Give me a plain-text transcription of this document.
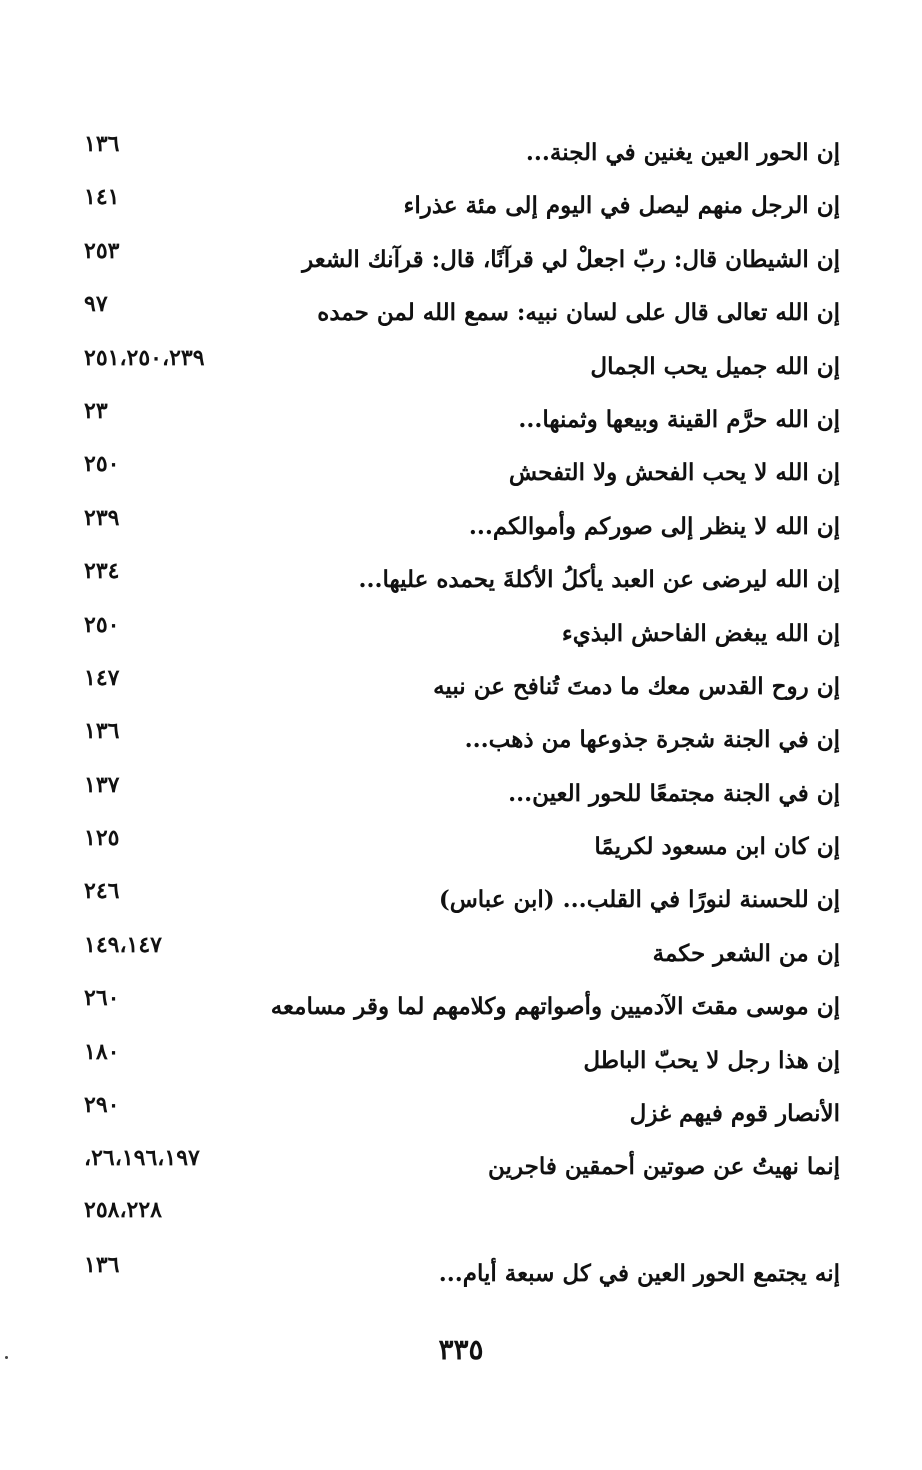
إن الحور العين يغنين في الجنة...
١٣٦
إن الرجل منهم ليصل في اليوم إلى مئة عذراء
١٤١
إن الشيطان قال: ربّ اجعلْ لي قرآنًا، قال: قرآنك الشعر
٢٥٣
إن الله تعالى قال على لسان نبيه: سمع الله لمن حمده
٩٧
إن الله جميل يحب الجمال
٢٥١،٢٥٠،٢٣٩
إن الله حرَّم القينة وبيعها وثمنها...
٢٣
إن الله لا يحب الفحش ولا التفحش
٢٥٠
إن الله لا ينظر إلى صوركم وأموالكم...
٢٣٩
إن الله ليرضى عن العبد يأكلُ الأكلةَ يحمده عليها...
٢٣٤
إن الله يبغض الفاحش البذيء
٢٥٠
إن روح القدس معك ما دمتَ تُنافح عن نبيه
١٤٧
إن في الجنة شجرة جذوعها من ذهب...
١٣٦
إن في الجنة مجتمعًا للحور العين...
١٣٧
إن كان ابن مسعود لكريمًا
١٢٥
إن للحسنة لنورًا في القلب... (ابن عباس)
٢٤٦
إن من الشعر حكمة
١٤٩،١٤٧
إن موسى مقتَ الآدميين وأصواتهم وكلامهم لما وقر مسامعه
٢٦٠
إن هذا رجل لا يحبّ الباطل
١٨٠
الأنصار قوم فيهم غزل
٢٩٠
إنما نهيتُ عن صوتين أحمقين فاجرين
٢٦،١٩٦،١٩٧،
٢٥٨،٢٢٨
إنه يجتمع الحور العين في كل سبعة أيام...
١٣٦
٣٣٥
